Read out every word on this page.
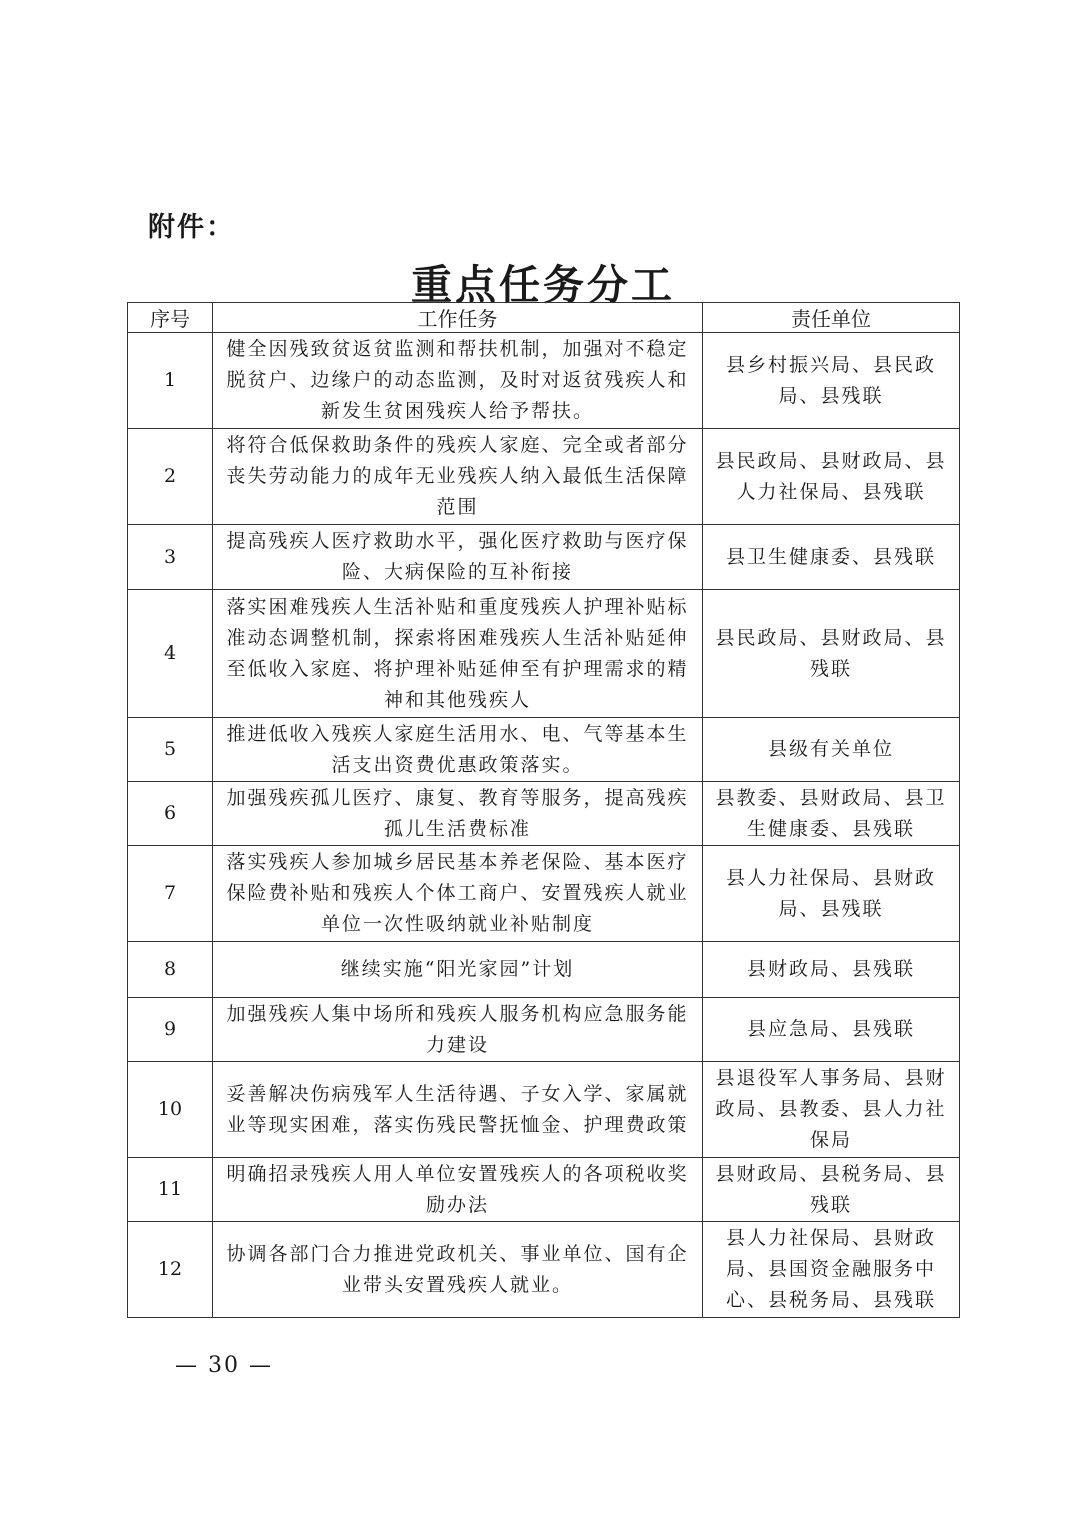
附件：
重点任务分工
序号	工作任务	责任单位
1	健全因残致贫返贫监测和帮扶机制，加强对不稳定脱贫户、边缘户的动态监测，及时对返贫残疾人和新发生贫困残疾人给予帮扶。	县乡村振兴局、县民政局、县残联
2	将符合低保救助条件的残疾人家庭、完全或者部分丧失劳动能力的成年无业残疾人纳入最低生活保障范围	县民政局、县财政局、县人力社保局、县残联
3	提高残疾人医疗救助水平，强化医疗救助与医疗保险、大病保险的互补衔接	县卫生健康委、县残联
4	落实困难残疾人生活补贴和重度残疾人护理补贴标准动态调整机制，探索将困难残疾人生活补贴延伸至低收入家庭、将护理补贴延伸至有护理需求的精神和其他残疾人	县民政局、县财政局、县残联
5	推进低收入残疾人家庭生活用水、电、气等基本生活支出资费优惠政策落实。	县级有关单位
6	加强残疾孤儿医疗、康复、教育等服务，提高残疾孤儿生活费标准	县教委、县财政局、县卫生健康委、县残联
7	落实残疾人参加城乡居民基本养老保险、基本医疗保险费补贴和残疾人个体工商户、安置残疾人就业单位一次性吸纳就业补贴制度	县人力社保局、县财政局、县残联
8	继续实施“阳光家园”计划	县财政局、县残联
9	加强残疾人集中场所和残疾人服务机构应急服务能力建设	县应急局、县残联
10	妥善解决伤病残军人生活待遇、子女入学、家属就业等现实困难，落实伤残民警抚恤金、护理费政策	县退役军人事务局、县财政局、县教委、县人力社保局
11	明确招录残疾人用人单位安置残疾人的各项税收奖励办法	县财政局、县税务局、县残联
12	协调各部门合力推进党政机关、事业单位、国有企业带头安置残疾人就业。	县人力社保局、县财政局、县国资金融服务中心、县税务局、县残联
— 30 —
